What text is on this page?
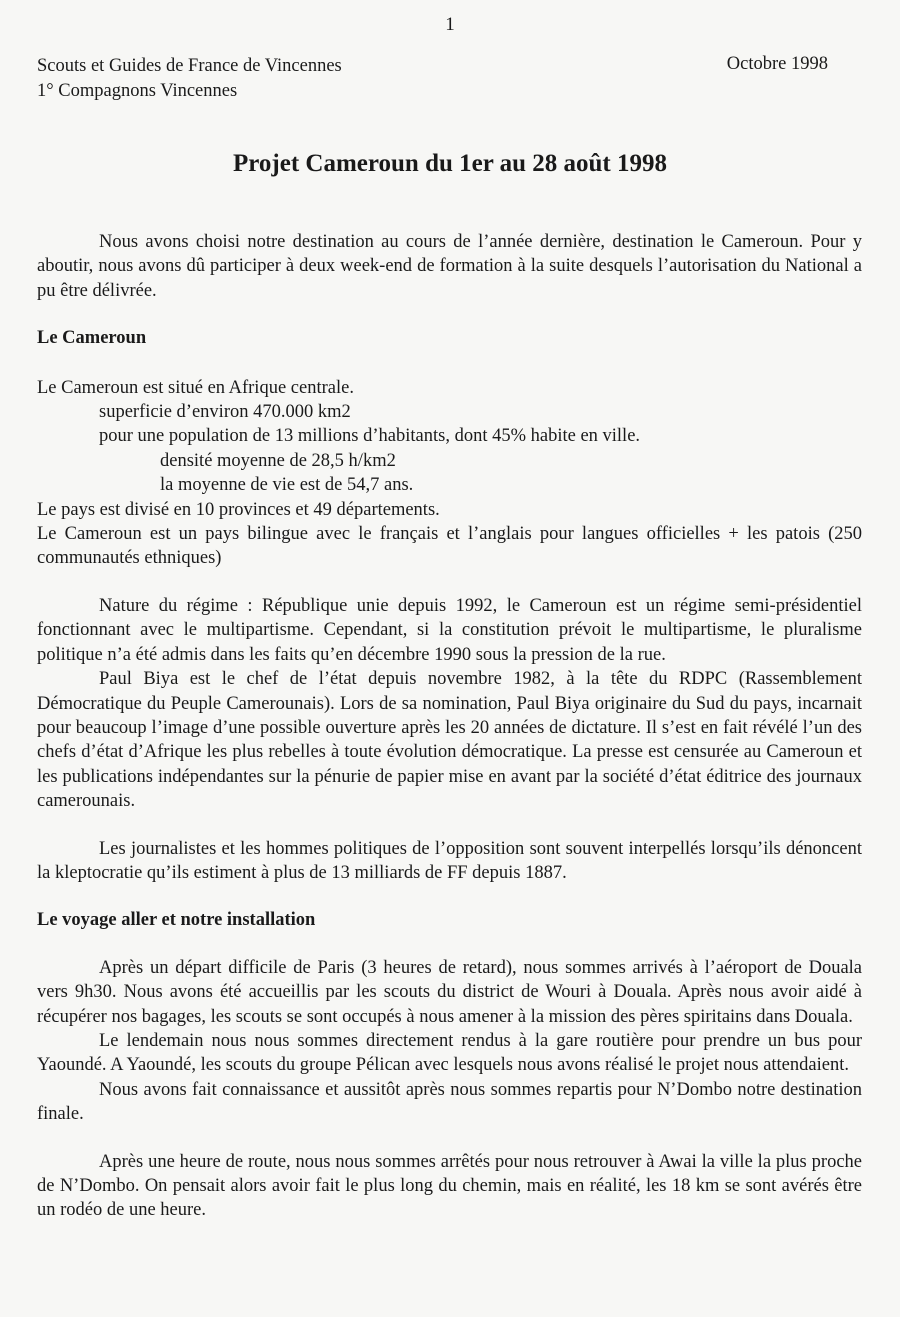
1
Scouts et Guides de France de Vincennes
1° Compagnons Vincennes
Octobre 1998
Projet Cameroun du 1er au 28 août 1998

Nous avons choisi notre destination au cours de l’année dernière, destination le Cameroun. Pour y aboutir, nous avons dû participer à deux week-end de formation à la suite desquels l’autorisation du National a pu être délivrée.

Le Cameroun

Le Cameroun est situé en Afrique centrale.

superficie d’environ 470.000 km2

pour une population de 13 millions d’habitants, dont 45% habite en ville.

densité moyenne de 28,5 h/km2

la moyenne de vie est de 54,7 ans.

Le pays est divisé en 10 provinces et 49 départements.

Le Cameroun est un pays bilingue avec le français et l’anglais pour langues officielles + les patois (250 communautés ethniques)

Nature du régime : République unie depuis 1992, le Cameroun est un régime semi-présidentiel fonctionnant avec le multipartisme. Cependant, si la constitution prévoit le multipartisme, le pluralisme politique n’a été admis dans les faits qu’en décembre 1990 sous la pression de la rue.

Paul Biya est le chef de l’état depuis novembre 1982, à la tête du RDPC (Rassemblement Démocratique du Peuple Camerounais). Lors de sa nomination, Paul Biya originaire du Sud du pays, incarnait pour beaucoup l’image d’une possible ouverture après les 20 années de dictature. Il s’est en fait révélé l’un des chefs d’état d’Afrique les plus rebelles à toute évolution démocratique. La presse est censurée au Cameroun et les publications indépendantes sur la pénurie de papier mise en avant par la société d’état éditrice des journaux camerounais.

Les journalistes et les hommes politiques de l’opposition sont souvent interpellés lorsqu’ils dénoncent la kleptocratie qu’ils estiment à plus de 13 milliards de FF depuis 1887.

Le voyage aller et notre installation

Après un départ difficile de Paris (3 heures de retard), nous sommes arrivés à l’aéroport de Douala vers 9h30. Nous avons été accueillis par les scouts du district de Wouri à Douala. Après nous avoir aidé à récupérer nos bagages, les scouts se sont occupés à nous amener à la mission des pères spiritains dans Douala.

Le lendemain nous nous sommes directement rendus à la gare routière pour prendre un bus pour Yaoundé. A Yaoundé, les scouts du groupe Pélican avec lesquels nous avons réalisé le projet nous attendaient.

Nous avons fait connaissance et aussitôt après nous sommes repartis pour N’Dombo notre destination finale.

Après une heure de route, nous nous sommes arrêtés pour nous retrouver à Awai la ville la plus proche de N’Dombo. On pensait alors avoir fait le plus long du chemin, mais en réalité, les 18 km se sont avérés être un rodéo de une heure.
